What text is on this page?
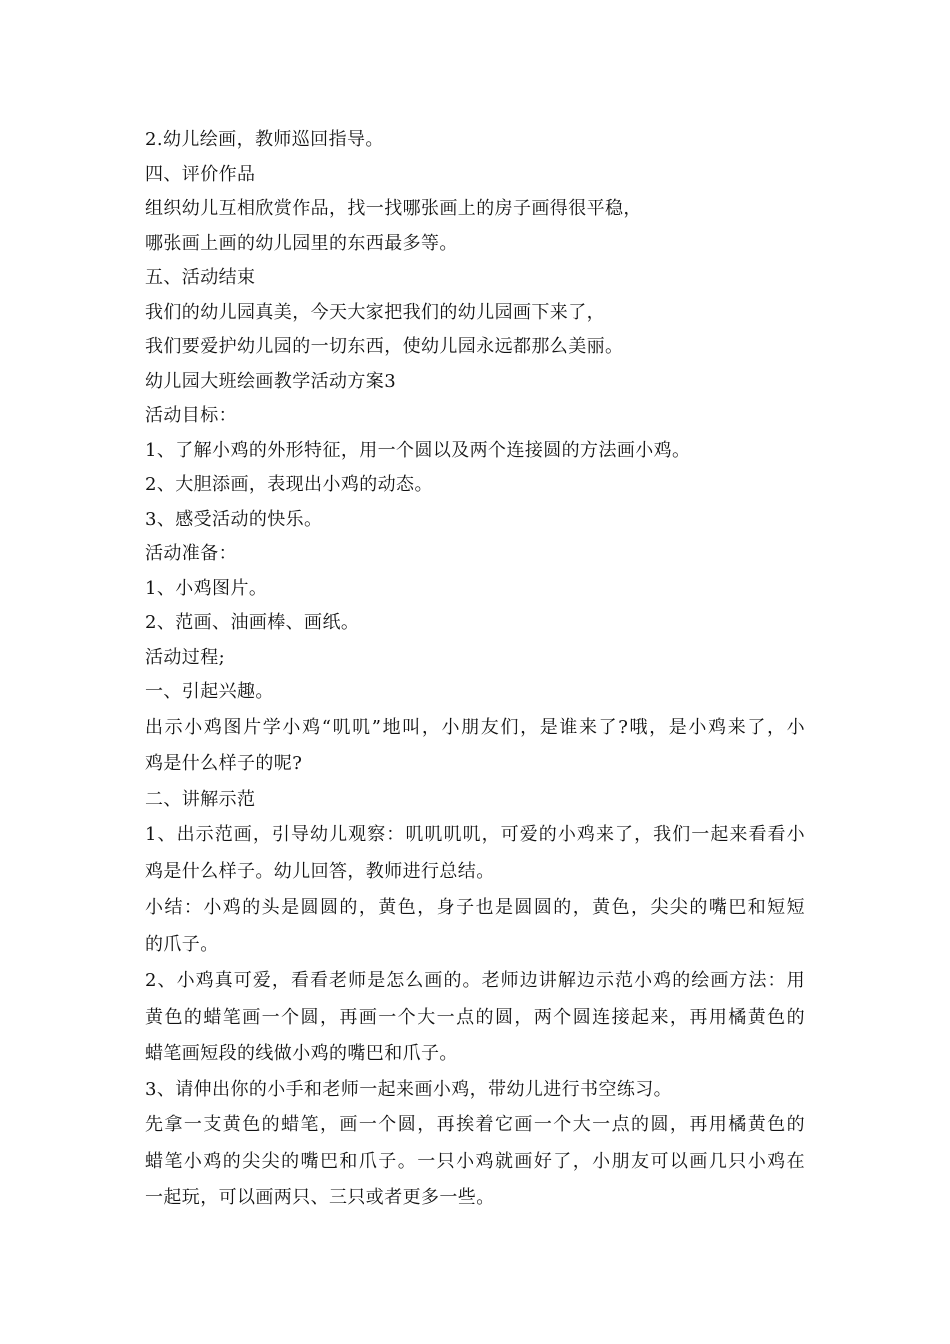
2.幼儿绘画，教师巡回指导。

四、评价作品

组织幼儿互相欣赏作品，找一找哪张画上的房子画得很平稳，

哪张画上画的幼儿园里的东西最多等。

五、活动结束

我们的幼儿园真美，今天大家把我们的幼儿园画下来了，

我们要爱护幼儿园的一切东西，使幼儿园永远都那么美丽。

幼儿园大班绘画教学活动方案3

活动目标：

1、了解小鸡的外形特征，用一个圆以及两个连接圆的方法画小鸡。

2、大胆添画，表现出小鸡的动态。

3、感受活动的快乐。

活动准备：

1、小鸡图片。

2、范画、油画棒、画纸。

活动过程;

一、引起兴趣。

出示小鸡图片学小鸡“叽叽”地叫，小朋友们，是谁来了?哦，是小鸡来了，小

鸡是什么样子的呢?

二、讲解示范

1、出示范画，引导幼儿观察：叽叽叽叽，可爱的小鸡来了，我们一起来看看小

鸡是什么样子。幼儿回答，教师进行总结。

小结：小鸡的头是圆圆的，黄色，身子也是圆圆的，黄色，尖尖的嘴巴和短短

的爪子。

2、小鸡真可爱，看看老师是怎么画的。老师边讲解边示范小鸡的绘画方法：用

黄色的蜡笔画一个圆，再画一个大一点的圆，两个圆连接起来，再用橘黄色的

蜡笔画短段的线做小鸡的嘴巴和爪子。

3、请伸出你的小手和老师一起来画小鸡，带幼儿进行书空练习。

先拿一支黄色的蜡笔，画一个圆，再挨着它画一个大一点的圆，再用橘黄色的

蜡笔小鸡的尖尖的嘴巴和爪子。一只小鸡就画好了，小朋友可以画几只小鸡在

一起玩，可以画两只、三只或者更多一些。
